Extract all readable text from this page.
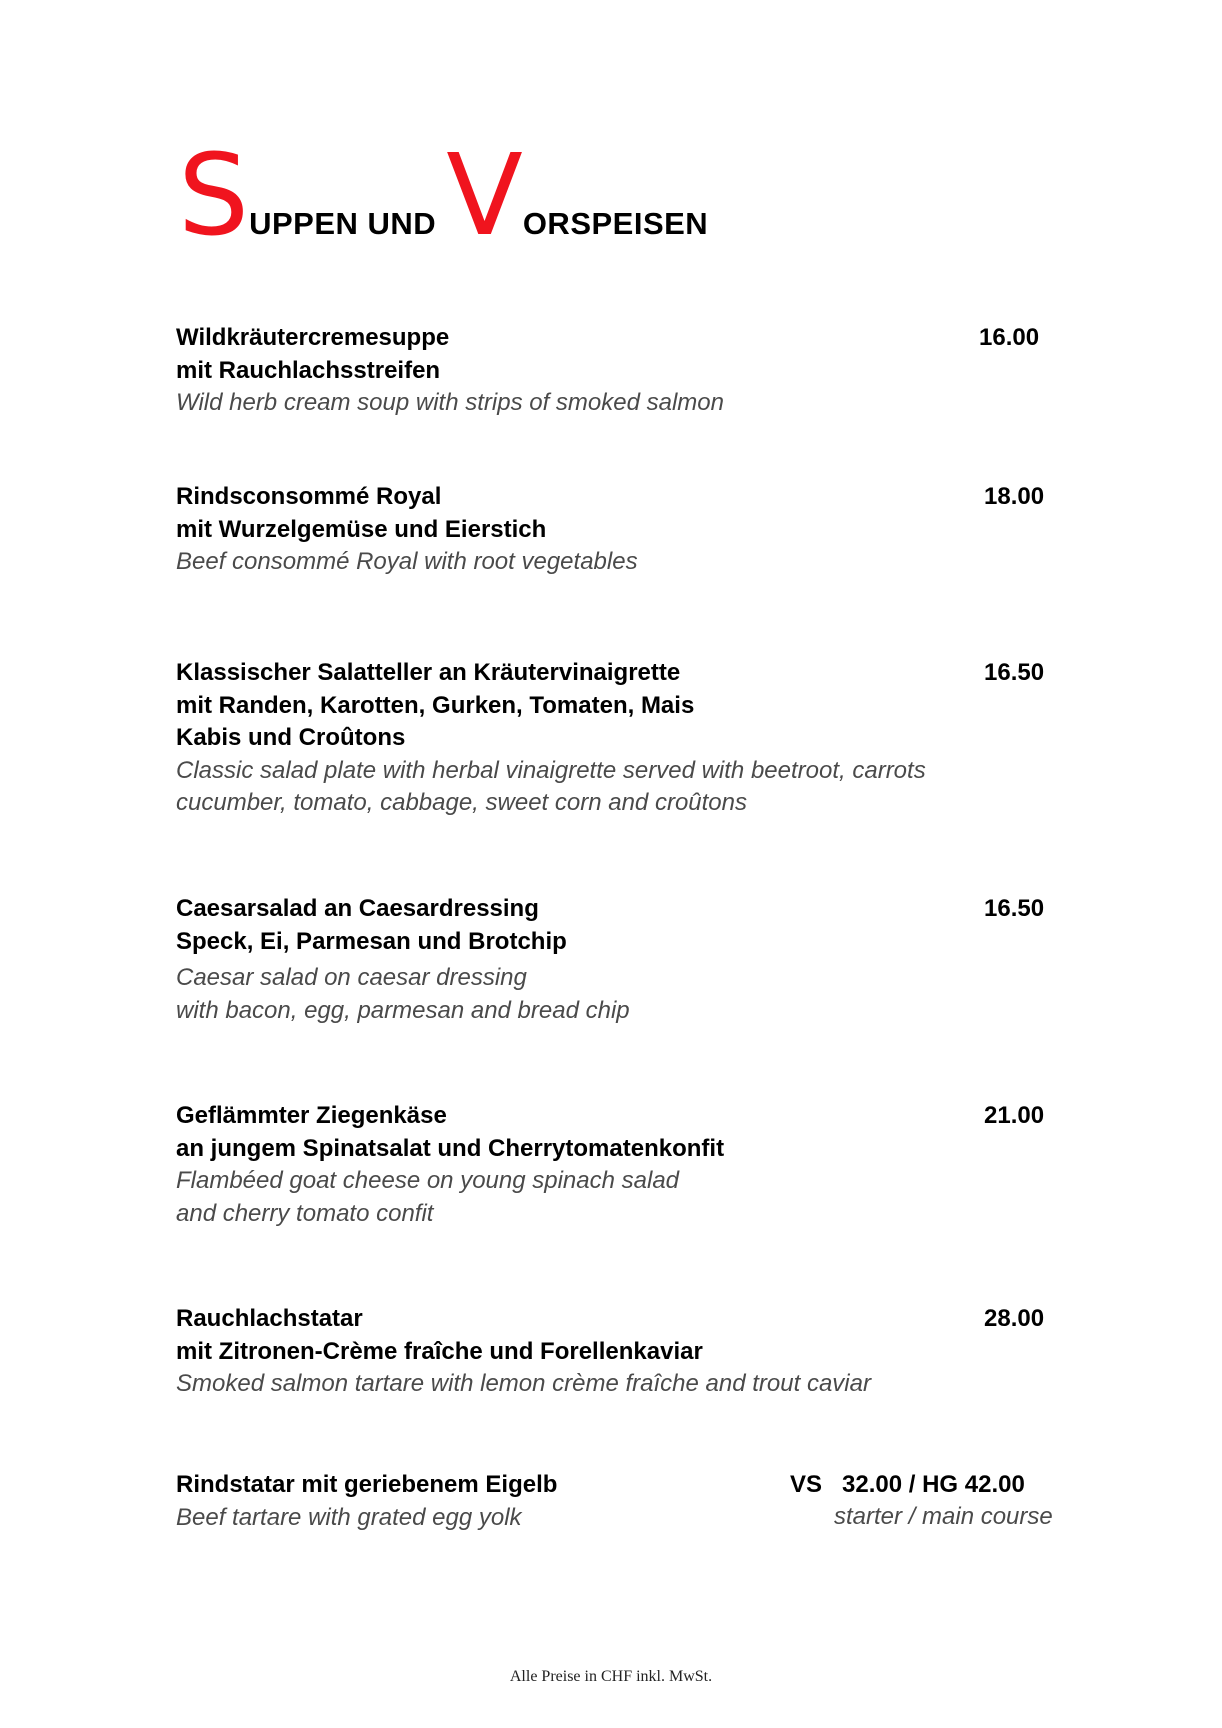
SUPPEN UNDVORSPEISEN
Wildkräutercremesuppe
mit Rauchlachsstreifen
Wild herb cream soup with strips of smoked salmon
16.00
Rindsconsommé Royal
mit Wurzelgemüse und Eierstich
Beef consommé Royal with root vegetables
18.00
Klassischer Salatteller an Kräutervinaigrette
mit Randen, Karotten, Gurken, Tomaten, Mais
Kabis und Croûtons
Classic salad plate with herbal vinaigrette served with beetroot, carrots
cucumber, tomato, cabbage, sweet corn and croûtons
16.50
Caesarsalad an Caesardressing
Speck, Ei, Parmesan und Brotchip
Caesar salad on caesar dressing
with bacon, egg, parmesan and bread chip
16.50
Geflämmter Ziegenkäse
an jungem Spinatsalat und Cherrytomatenkonfit
Flambéed goat cheese on young spinach salad
and cherry tomato confit
21.00
Rauchlachstatar
mit Zitronen-Crème fraîche und Forellenkaviar
Smoked salmon tartare with lemon crème fraîche and trout caviar
28.00
Rindstatar mit geriebenem Eigelb
Beef tartare with grated egg yolk
VS   32.00 / HG 42.00
starter / main course
Alle Preise in CHF inkl. MwSt.
